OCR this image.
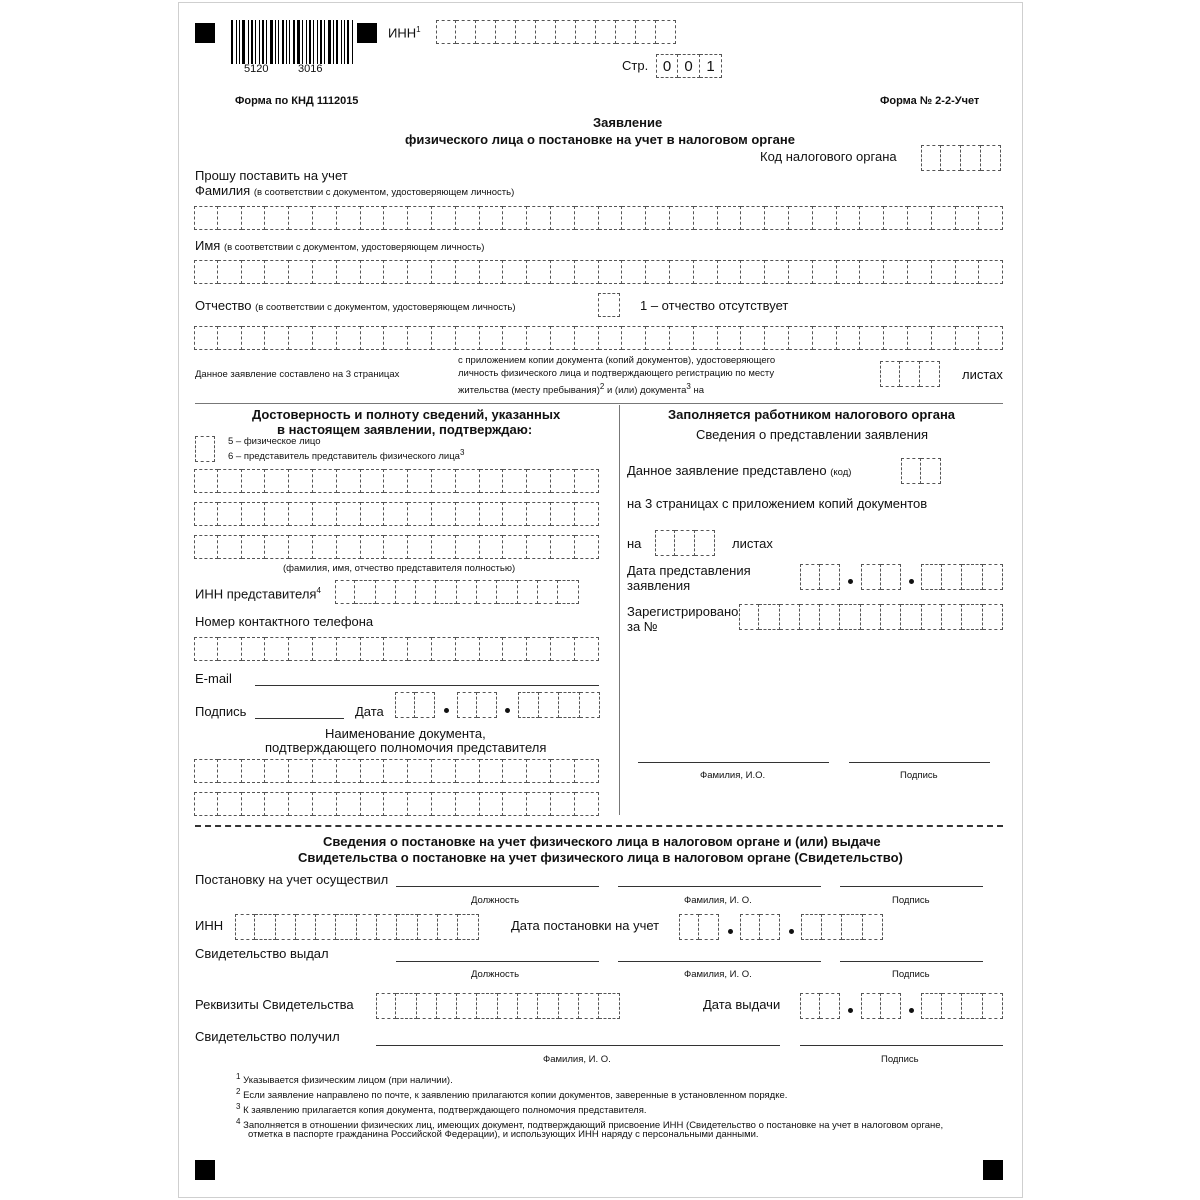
5120	3016
ИНН$^1$
Стр. 0 0 1
Форма по КНД 1112015	Форма № 2-2-Учет
Заявление
физического лица о постановке на учет в налоговом органе
Код налогового органа
Прошу поставить на учет
Фамилия (в соответствии с документом, удостоверяющем личность)
Имя (в соответствии с документом, удостоверяющем личность)
Отчество (в соответствии с документом, удостоверяющем личность)	1 – отчество отсутствует
Данное заявление составлено на 3 страницах
с приложением копии документа (копий документов), удостоверяющего
личность физического лица и подтверждающего регистрацию по месту
жительства (месту пребывания)$^2$ и (или) документа$^3$ на
листах
Достоверность и полноту сведений, указанных
в настоящем заявлении, подтверждаю:
5 – физическое лицо
6 – представитель представитель физического лица$^3$
(фамилия, имя, отчество представителя полностью)
ИНН представителя$^4$
Номер контактного телефона
E-mail
Подпись	Дата
Наименование документа,
подтверждающего полномочия представителя
Заполняется работником налогового органа
Сведения о представлении заявления
Данное заявление представлено (код)
на 3 страницах с приложением копий документов
на	листах
Дата представления
заявления
Зарегистрировано
за №
Фамилия, И.О.	Подпись
Сведения о постановке на учет физического лица в налоговом органе и (или) выдаче
Свидетельства о постановке на учет физического лица в налоговом органе (Свидетельство)
Постановку на учет осуществил
Должность	Фамилия, И. О.	Подпись
ИНН	Дата постановки на учет
Свидетельство выдал
Должность	Фамилия, И. О.	Подпись
Реквизиты Свидетельства	Дата выдачи
Свидетельство получил
Фамилия, И. О.	Подпись
$^1$ Указывается физическим лицом (при наличии).
$^2$ Если заявление направлено по почте, к заявлению прилагаются копии документов, заверенные в установленном порядке.
$^3$ К заявлению прилагается копия документа, подтверждающего полномочия представителя.
$^4$ Заполняется в отношении физических лиц, имеющих документ, подтверждающий присвоение ИНН (Свидетельство о постановке на учет в налоговом органе,
отметка в паспорте гражданина Российской Федерации), и использующих ИНН наряду с персональными данными.
